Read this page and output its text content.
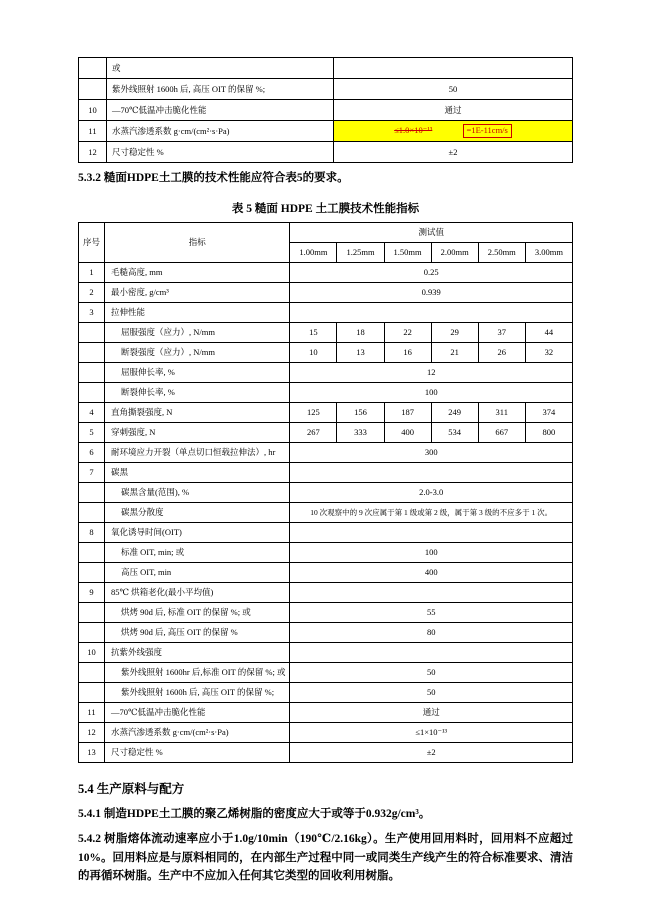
	或	
	紫外线照射 1600h 后, 高压 OIT 的保留 %;	50
10	—70℃低温冲击脆化性能	通过
11	水蒸汽渗透系数 g·cm/(cm²·s·Pa)	≤1.0×10⁻¹³ =1E-11cm/s
12	尺寸稳定性 %	±2

5.3.2 糙面HDPE土工膜的技术性能应符合表5的要求。

表 5 糙面 HDPE 土工膜技术性能指标
序号	指标	测试值					
		1.00mm	1.25mm	1.50mm	2.00mm	2.50mm	3.00mm
1	毛糙高度, mm	0.25					
2	最小密度, g/cm³	0.939					
3	拉伸性能						
	屈服强度（应力）, N/mm	15	18	22	29	37	44
	断裂强度（应力）, N/mm	10	13	16	21	26	32
	屈服伸长率, %	12					
	断裂伸长率, %	100					
4	直角撕裂强度, N	125	156	187	249	311	374
5	穿刺强度, N	267	333	400	534	667	800
6	耐环境应力开裂（单点切口恒载拉伸法）, hr	300					
7	碳黑						
	碳黑含量(范围), %	2.0-3.0					
	碳黑分散度	10 次观察中的 9 次应属于第 1 级或第 2 级，属于第 3 级的不应多于 1 次。					
8	氧化诱导时间(OIT)						
	标准 OIT, min; 或	100					
	高压 OIT, min	400					
9	85℃ 烘箱老化(最小平均值)						
	烘烤 90d 后, 标准 OIT 的保留 %; 或	55					
	烘烤 90d 后, 高压 OIT 的保留 %	80					
10	抗紫外线强度						
	紫外线照射 1600hr 后,标准 OIT 的保留 %; 或	50					
	紫外线照射 1600h 后, 高压 OIT 的保留 %;	50					
11	—70℃低温冲击脆化性能	通过					
12	水蒸汽渗透系数 g·cm/(cm²·s·Pa)	≤1×10⁻¹³					
13	尺寸稳定性 %	±2					
5.4 生产原料与配方

5.4.1 制造HDPE土工膜的聚乙烯树脂的密度应大于或等于0.932g/cm³。

5.4.2 树脂熔体流动速率应小于1.0g/10min（190℃/2.16kg）。生产使用回用料时，回用料不应超过10%。回用料应是与原料相同的，在内部生产过程中同一或同类生产线产生的符合标准要求、清洁的再循环树脂。生产中不应加入任何其它类型的回收利用树脂。
